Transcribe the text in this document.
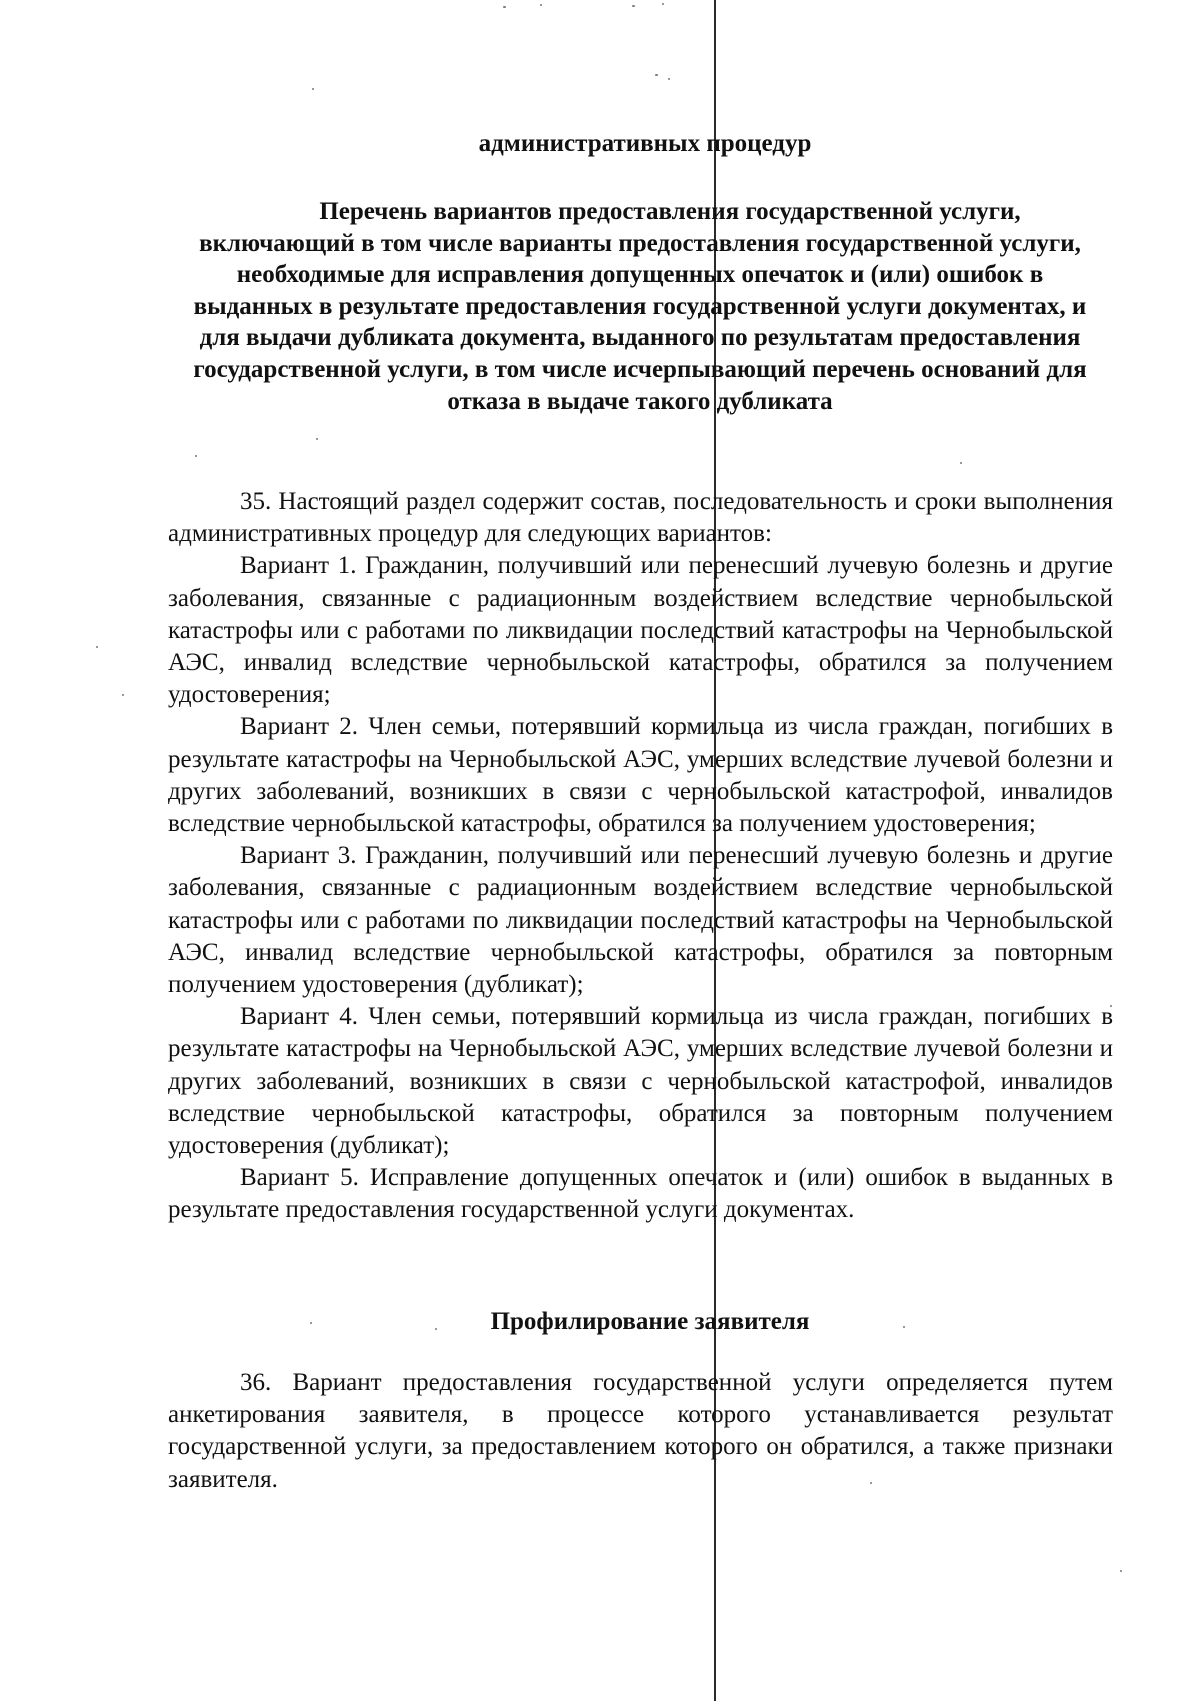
административных процедур
Перечень вариантов предоставления государственной услуги, включающий в том числе варианты предоставления государственной услуги, необходимые для исправления допущенных опечаток и (или) ошибок в выданных в результате предоставления государственной услуги документах, и для выдачи дубликата документа, выданного по результатам предоставления государственной услуги, в том числе исчерпывающий перечень оснований для отказа в выдаче такого дубликата

35. Настоящий раздел содержит состав, последовательность и сроки выполнения административных процедур для следующих вариантов:

Вариант 1. Гражданин, получивший или перенесший лучевую болезнь и другие заболевания, связанные с радиационным воздействием вследствие чернобыльской катастрофы или с работами по ликвидации последствий катастрофы на Чернобыльской АЭС, инвалид вследствие чернобыльской катастрофы, обратился за получением удостоверения;

Вариант 2. Член семьи, потерявший кормильца из числа граждан, погибших в результате катастрофы на Чернобыльской АЭС, умерших вследствие лучевой болезни и других заболеваний, возникших в связи с чернобыльской катастрофой, инвалидов вследствие чернобыльской катастрофы, обратился за получением удостоверения;

Вариант 3. Гражданин, получивший или перенесший лучевую болезнь и другие заболевания, связанные с радиационным воздействием вследствие чернобыльской катастрофы или с работами по ликвидации последствий катастрофы на Чернобыльской АЭС, инвалид вследствие чернобыльской катастрофы, обратился за повторным получением удостоверения (дубликат);

Вариант 4. Член семьи, потерявший кормильца из числа граждан, погибших в результате катастрофы на Чернобыльской АЭС, умерших вследствие лучевой болезни и других заболеваний, возникших в связи с чернобыльской катастрофой, инвалидов вследствие чернобыльской катастрофы, обратился за повторным получением удостоверения (дубликат);

Вариант 5. Исправление допущенных опечаток и (или) ошибок в выданных в результате предоставления государственной услуги документах.

Профилирование заявителя

36. Вариант предоставления государственной услуги определяется путем анкетирования заявителя, в процессе которого устанавливается результат государственной услуги, за предоставлением которого он обратился, а также признаки заявителя.
